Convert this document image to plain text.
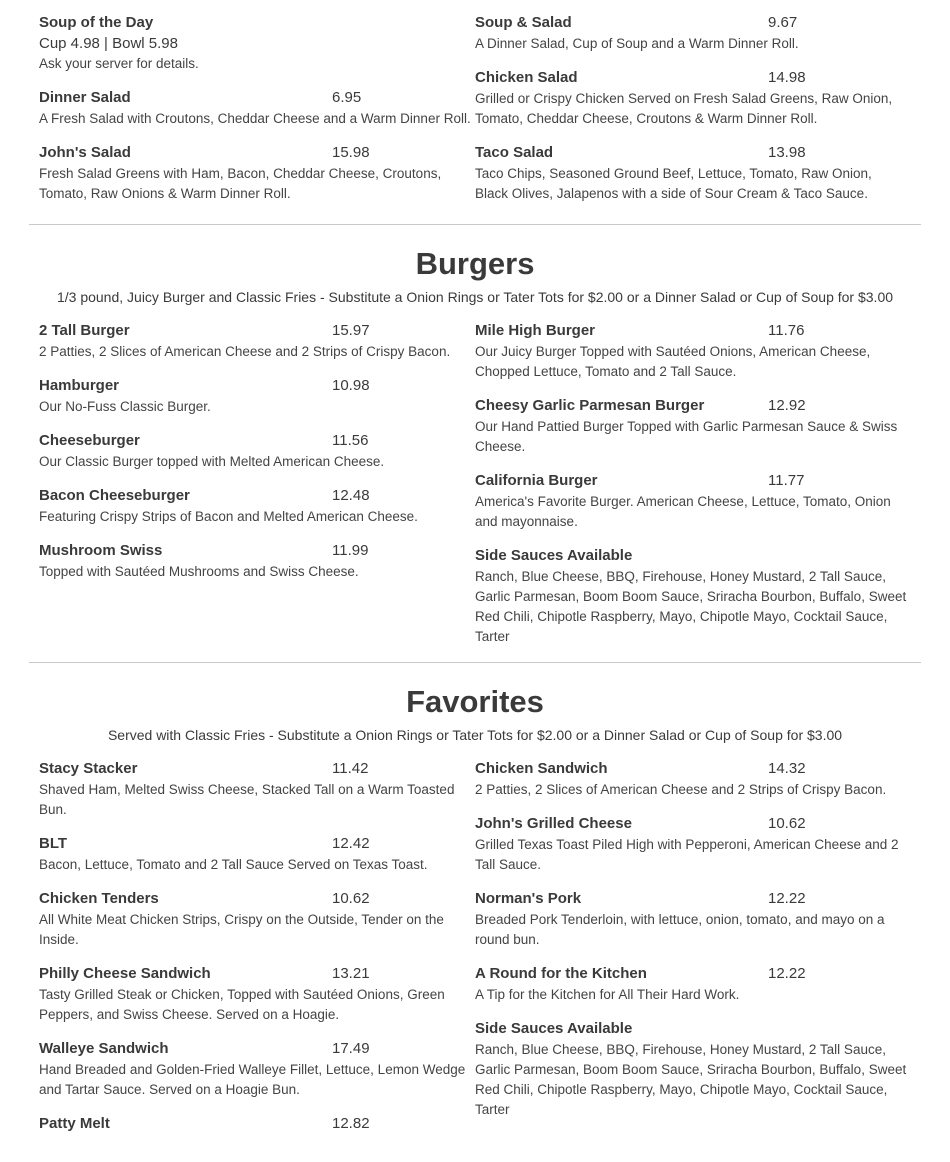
Soup of the Day
Cup 4.98 | Bowl 5.98
Ask your server for details.
Dinner Salad	6.95
A Fresh Salad with Croutons, Cheddar Cheese and a Warm Dinner Roll.
John's Salad	15.98
Fresh Salad Greens with Ham, Bacon, Cheddar Cheese, Croutons, Tomato, Raw Onions & Warm Dinner Roll.
Soup & Salad	9.67
A Dinner Salad, Cup of Soup and a Warm Dinner Roll.
Chicken Salad	14.98
Grilled or Crispy Chicken Served on Fresh Salad Greens, Raw Onion, Tomato, Cheddar Cheese, Croutons & Warm Dinner Roll.
Taco Salad	13.98
Taco Chips, Seasoned Ground Beef, Lettuce, Tomato, Raw Onion, Black Olives, Jalapenos with a side of Sour Cream & Taco Sauce.
Burgers

1/3 pound, Juicy Burger and Classic Fries - Substitute a Onion Rings or Tater Tots for $2.00 or a Dinner Salad or Cup of Soup for $3.00

2 Tall Burger	15.97
2 Patties, 2 Slices of American Cheese and 2 Strips of Crispy Bacon.
Hamburger	10.98
Our No-Fuss Classic Burger.
Cheeseburger	11.56
Our Classic Burger topped with Melted American Cheese.
Bacon Cheeseburger	12.48
Featuring Crispy Strips of Bacon and Melted American Cheese.
Mushroom Swiss	11.99
Topped with Sautéed Mushrooms and Swiss Cheese.
Mile High Burger	11.76
Our Juicy Burger Topped with Sautéed Onions, American Cheese, Chopped Lettuce, Tomato and 2 Tall Sauce.
Cheesy Garlic Parmesan Burger	12.92
Our Hand Pattied Burger Topped with Garlic Parmesan Sauce & Swiss Cheese.
California Burger	11.77
America's Favorite Burger. American Cheese, Lettuce, Tomato, Onion and mayonnaise.
Side Sauces Available
Ranch, Blue Cheese, BBQ, Firehouse, Honey Mustard, 2 Tall Sauce, Garlic Parmesan, Boom Boom Sauce, Sriracha Bourbon, Buffalo, Sweet Red Chili, Chipotle Raspberry, Mayo, Chipotle Mayo, Cocktail Sauce, Tarter
Favorites

Served with Classic Fries - Substitute a Onion Rings or Tater Tots for $2.00 or a Dinner Salad or Cup of Soup for $3.00

Stacy Stacker	11.42
Shaved Ham, Melted Swiss Cheese, Stacked Tall on a Warm Toasted Bun.
BLT	12.42
Bacon, Lettuce, Tomato and 2 Tall Sauce Served on Texas Toast.
Chicken Tenders	10.62
All White Meat Chicken Strips, Crispy on the Outside, Tender on the Inside.
Philly Cheese Sandwich	13.21
Tasty Grilled Steak or Chicken, Topped with Sautéed Onions, Green Peppers, and Swiss Cheese. Served on a Hoagie.
Walleye Sandwich	17.49
Hand Breaded and Golden-Fried Walleye Fillet, Lettuce, Lemon Wedge and Tartar Sauce. Served on a Hoagie Bun.
Patty Melt	12.82
Chicken Sandwich	14.32
2 Patties, 2 Slices of American Cheese and 2 Strips of Crispy Bacon.
John's Grilled Cheese	10.62
Grilled Texas Toast Piled High with Pepperoni, American Cheese and 2 Tall Sauce.
Norman's Pork	12.22
Breaded Pork Tenderloin, with lettuce, onion, tomato, and mayo on a round bun.
A Round for the Kitchen	12.22
A Tip for the Kitchen for All Their Hard Work.
Side Sauces Available
Ranch, Blue Cheese, BBQ, Firehouse, Honey Mustard, 2 Tall Sauce, Garlic Parmesan, Boom Boom Sauce, Sriracha Bourbon, Buffalo, Sweet Red Chili, Chipotle Raspberry, Mayo, Chipotle Mayo, Cocktail Sauce, Tarter
